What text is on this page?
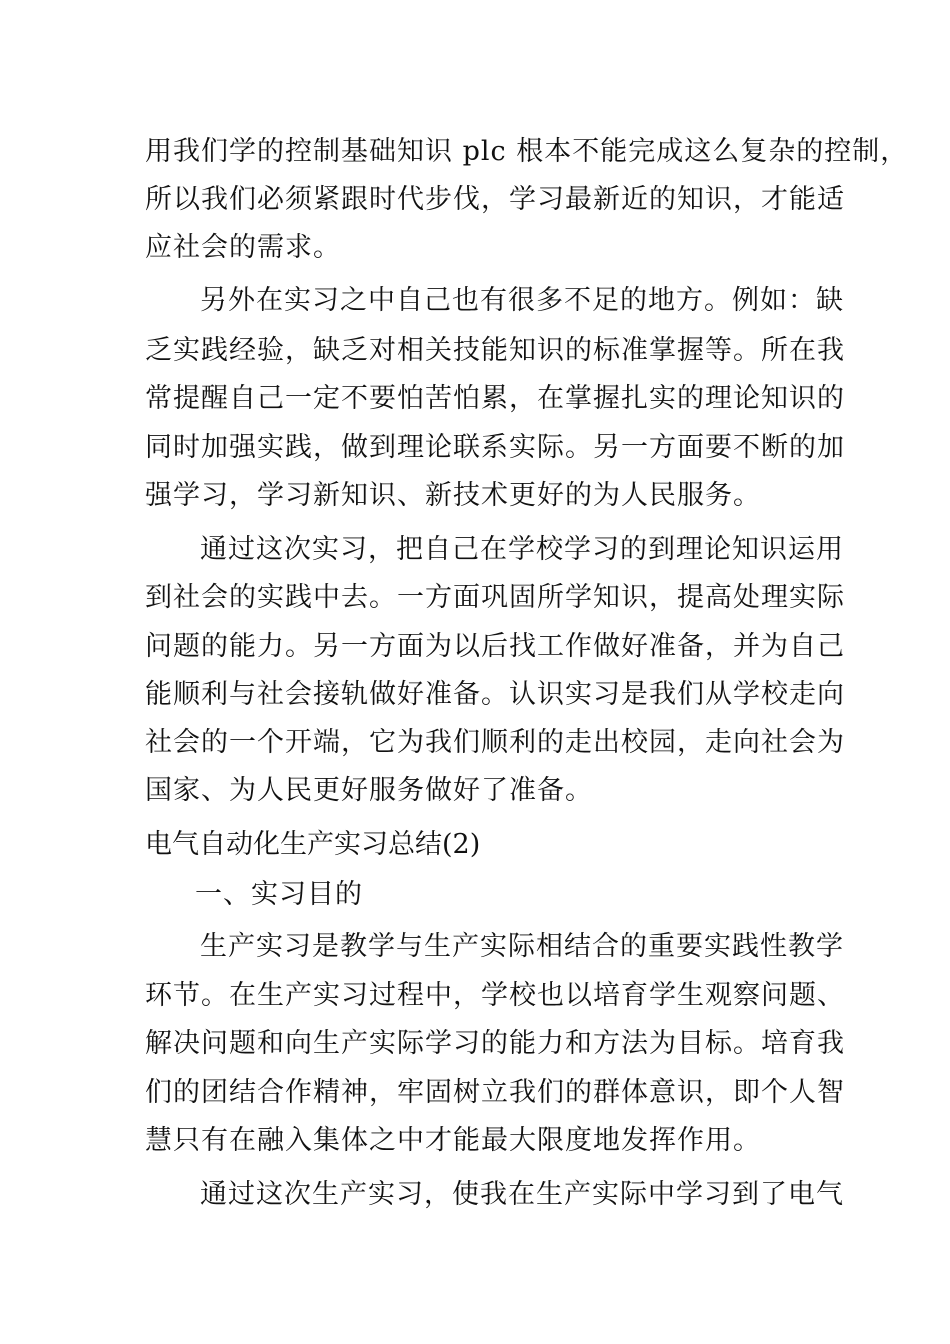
用我们学的控制基础知识 plc 根本不能完成这么复杂的控制，
所以我们必须紧跟时代步伐，学习最新近的知识，才能适
应社会的需求。
另外在实习之中自己也有很多不足的地方。例如：缺
乏实践经验，缺乏对相关技能知识的标准掌握等。所在我
常提醒自己一定不要怕苦怕累，在掌握扎实的理论知识的
同时加强实践，做到理论联系实际。另一方面要不断的加
强学习，学习新知识、新技术更好的为人民服务。
通过这次实习，把自己在学校学习的到理论知识运用
到社会的实践中去。一方面巩固所学知识，提高处理实际
问题的能力。另一方面为以后找工作做好准备，并为自己
能顺利与社会接轨做好准备。认识实习是我们从学校走向
社会的一个开端，它为我们顺利的走出校园，走向社会为
国家、为人民更好服务做好了准备。
电气自动化生产实习总结(2)
一、实习目的
生产实习是教学与生产实际相结合的重要实践性教学
环节。在生产实习过程中，学校也以培育学生观察问题、
解决问题和向生产实际学习的能力和方法为目标。培育我
们的团结合作精神，牢固树立我们的群体意识，即个人智
慧只有在融入集体之中才能最大限度地发挥作用。
通过这次生产实习，使我在生产实际中学习到了电气
